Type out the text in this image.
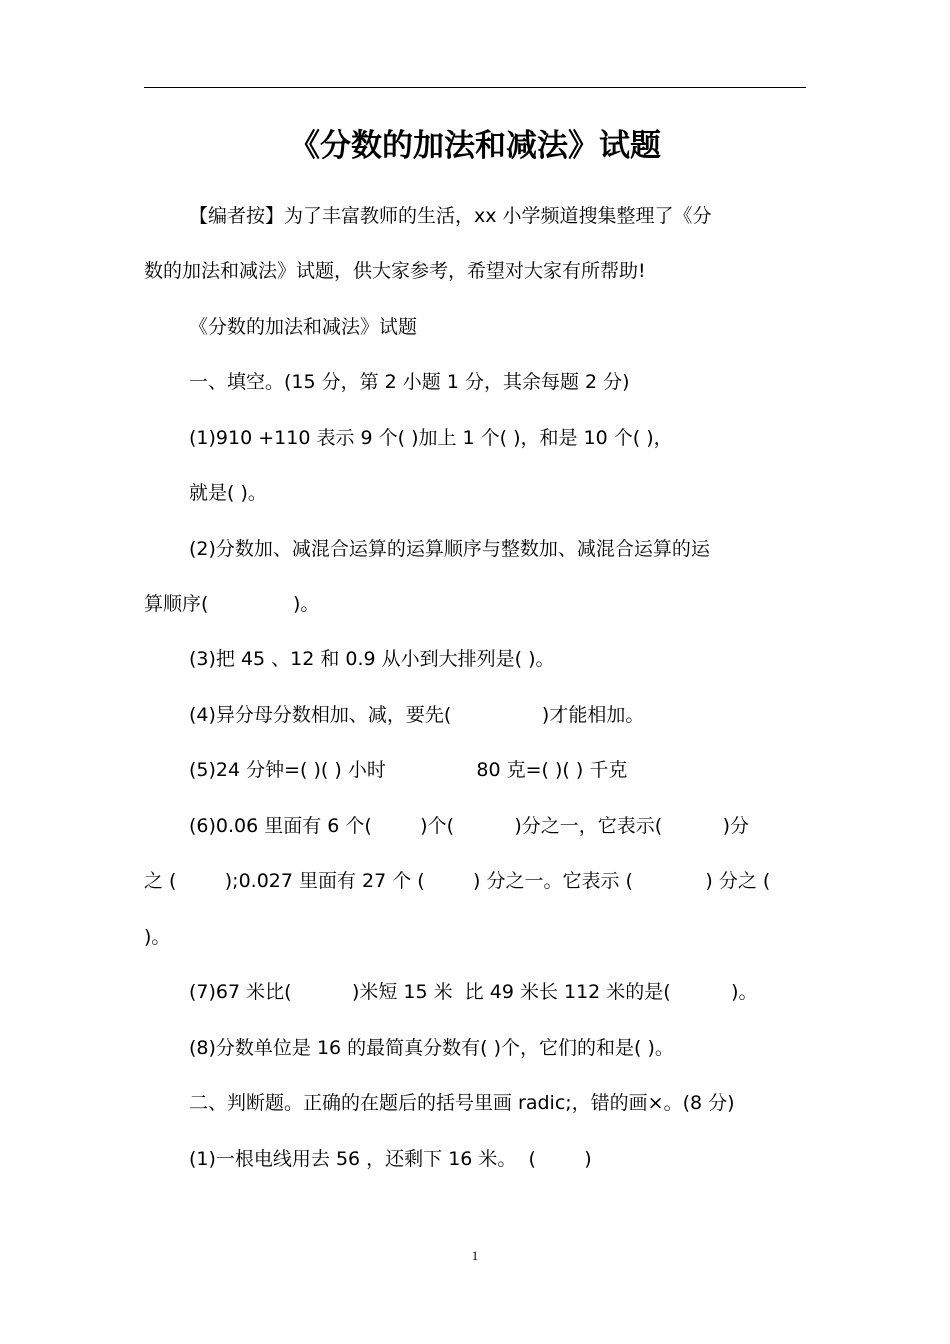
《分数的加法和减法》试题
【编者按】为了丰富教师的生活，xx 小学频道搜集整理了《分
数的加法和减法》试题，供大家参考，希望对大家有所帮助!
《分数的加法和减法》试题
一、填空。(15 分，第 2 小题 1 分，其余每题 2 分)
(1)910 +110 表示 9 个( )加上 1 个( )，和是 10 个( )，
就是( )。
(2)分数加、减混合运算的运算顺序与整数加、减混合运算的运
算顺序(              )。
(3)把 45 、12 和 0.9 从小到大排列是( )。
(4)异分母分数相加、减，要先(               )才能相加。
(5)24 分钟=( )( ) 小时               80 克=( )( ) 千克
(6)0.06 里面有 6 个(        )个(          )分之一，它表示(          )分
之 (        );0.027 里面有 27 个 (        ) 分之一。它表示 (            ) 分之 (
)。
(7)67 米比(          )米短 15 米  比 49 米长 112 米的是(          )。
(8)分数单位是 16 的最简真分数有( )个，它们的和是( )。
二、判断题。正确的在题后的括号里画 radic;，错的画×。(8 分)
(1)一根电线用去 56 ，还剩下 16 米。  (        )
1
